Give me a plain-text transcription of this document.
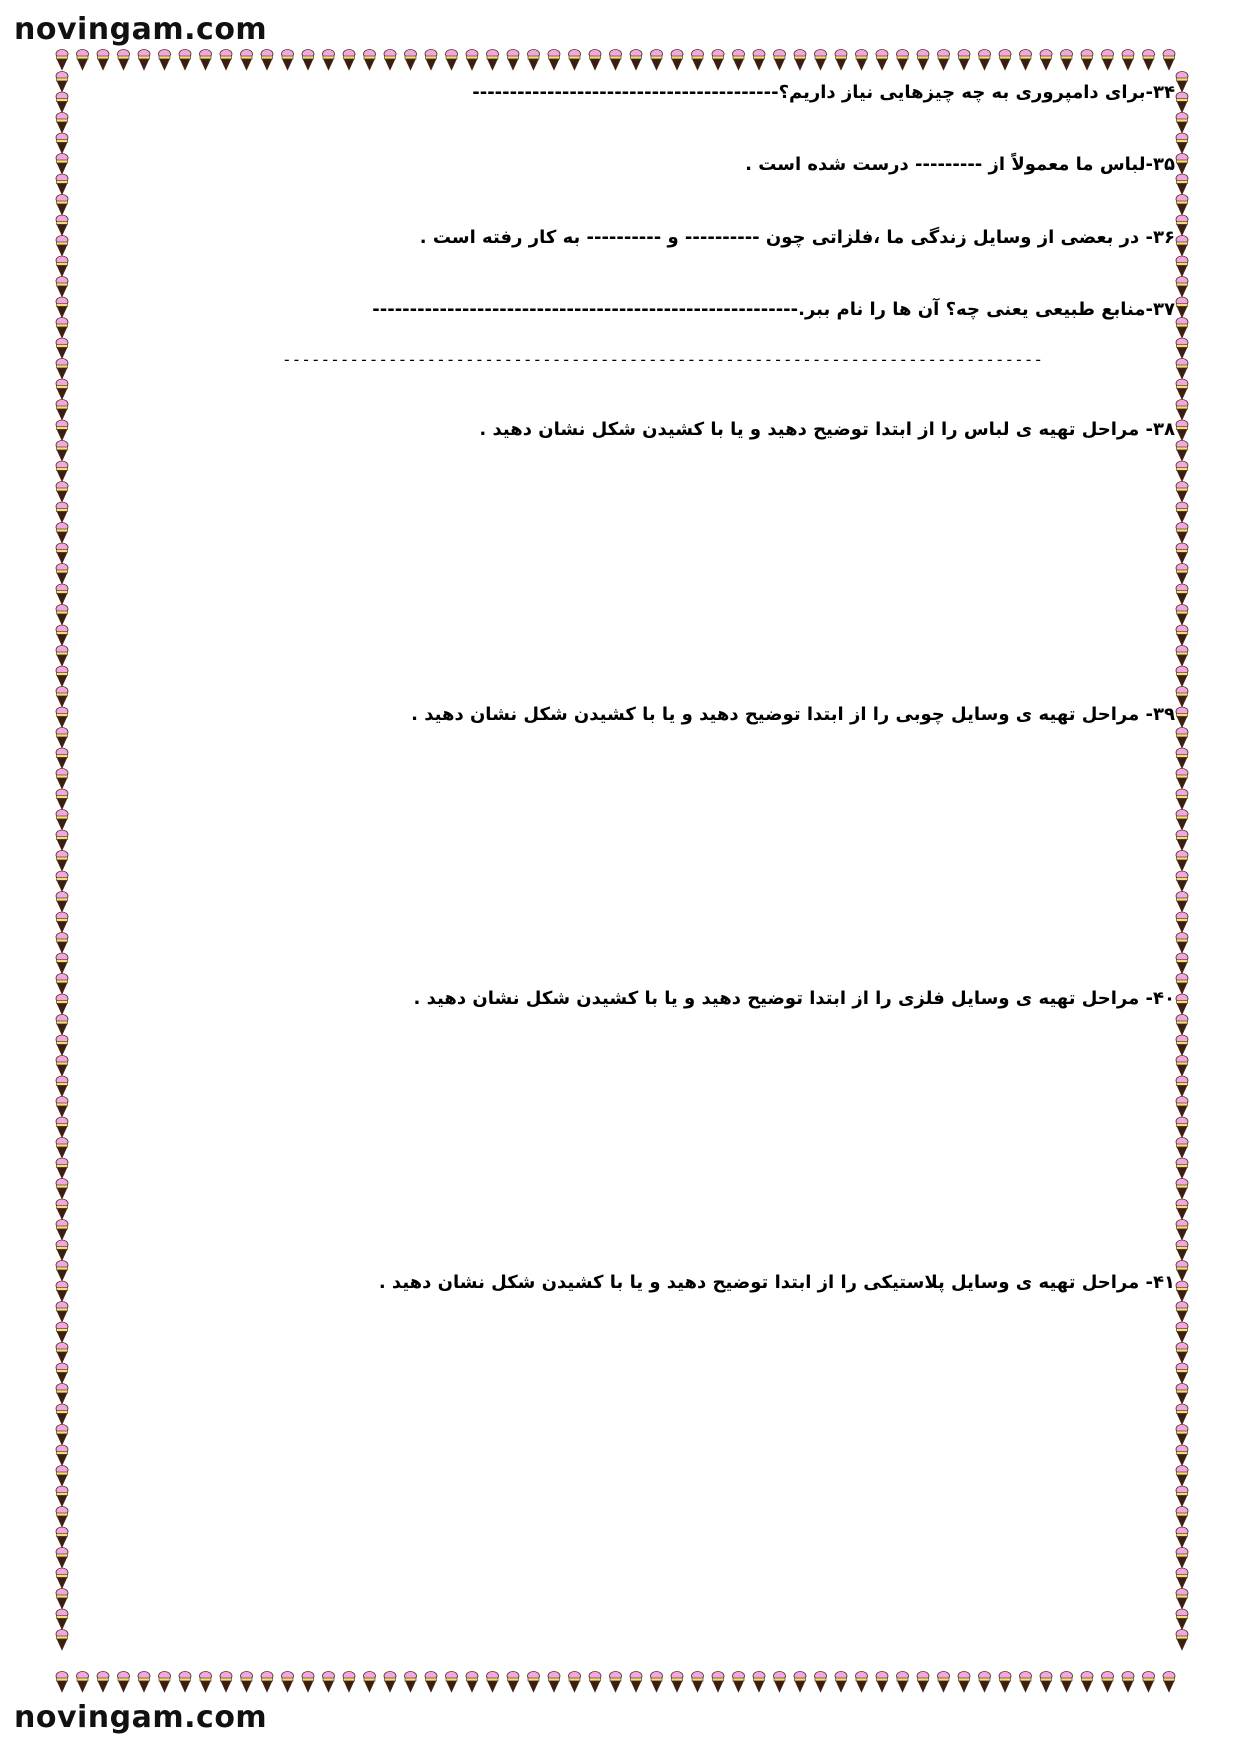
novingam.com
novingam.com
۳۴-برای دامپروری به چه چیزهایی نیاز داریم؟-----------------------------------------
۳۵-لباس ما معمولاً از --------- درست شده است .
۳۶- در بعضی از وسایل زندگی ما ،فلزاتی چون ---------- و ---------- به کار رفته است .
۳۷-منابع طبیعی یعنی چه؟ آن ها را نام ببر.---------------------------------------------------------
-------------------------------------------------------------------------------
۳۸- مراحل تهیه ی لباس را از ابتدا توضیح دهید و یا با کشیدن شکل نشان دهید .
۳۹- مراحل تهیه ی وسایل چوبی را از ابتدا توضیح دهید و یا با کشیدن شکل نشان دهید .
۴۰- مراحل تهیه ی وسایل فلزی را از ابتدا توضیح دهید و یا با کشیدن شکل نشان دهید .
۴۱- مراحل تهیه ی وسایل پلاستیکی را از ابتدا توضیح دهید و یا با کشیدن شکل نشان دهید .
